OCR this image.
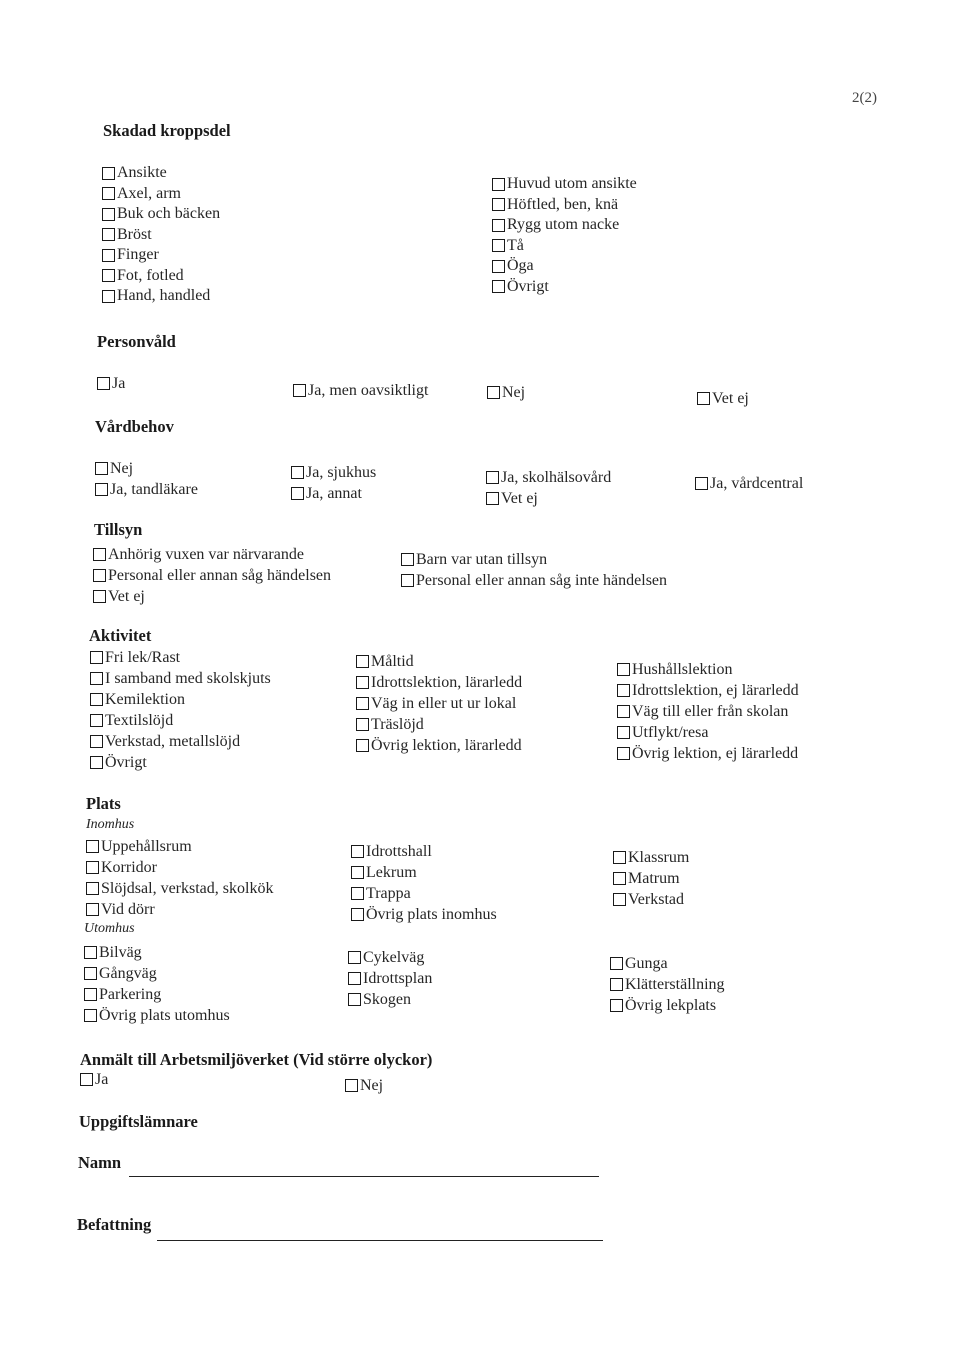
2(2)
Skadad kroppsdel
Ansikte
Axel, arm
Buk och bäcken
Bröst
Finger
Fot, fotled
Hand, handled
Huvud utom ansikte
Höftled, ben, knä
Rygg utom nacke
Tå
Öga
Övrigt
Personvåld
Ja	Ja, men oavsiktligt	Nej	Vet ej
Vårdbehov
Nej
Ja, tandläkare
Ja, sjukhus
Ja, annat
Ja, skolhälsovård
Vet ej
Ja, vårdcentral
Tillsyn
Anhörig vuxen var närvarande
Personal eller annan såg händelsen
Vet ej
Barn var utan tillsyn
Personal eller annan såg inte händelsen
Aktivitet
Fri lek/Rast
I samband med skolskjuts
Kemilektion
Textilslöjd
Verkstad, metallslöjd
Övrigt
Måltid
Idrottslektion, lärarledd
Väg in eller ut ur lokal
Träslöjd
Övrig lektion, lärarledd
Hushållslektion
Idrottslektion, ej lärarledd
Väg till eller från skolan
Utflykt/resa
Övrig lektion, ej lärarledd
Plats
Inomhus
Uppehållsrum
Korridor
Slöjdsal, verkstad, skolkök
Vid dörr
Idrottshall
Lekrum
Trappa
Övrig plats inomhus
Klassrum
Matrum
Verkstad
Utomhus
Bilväg
Gångväg
Parkering
Övrig plats utomhus
Cykelväg
Idrottsplan
Skogen
Gunga
Klätterställning
Övrig lekplats
Anmält till Arbetsmiljöverket (Vid större olyckor)
Ja	Nej
Uppgiftslämnare
Namn
Befattning
